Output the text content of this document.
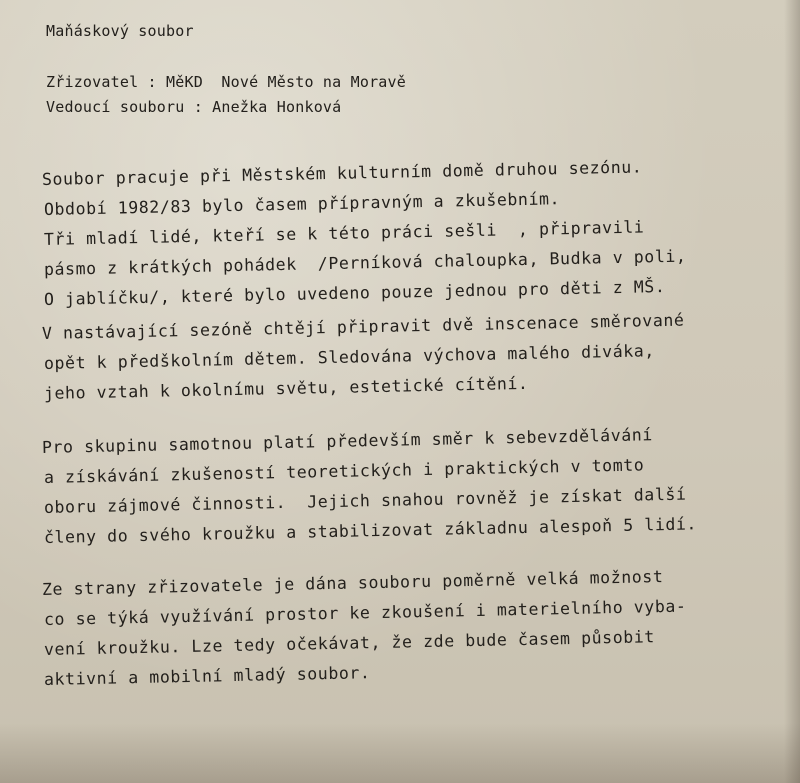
Maňáskový soubor
Zřizovatel : MěKD  Nové Město na Moravě
Vedoucí souboru : Anežka Honková
Soubor pracuje při Městském kulturním domě druhou sezónu.
Období 1982/83 bylo časem přípravným a zkušebním.
Tři mladí lidé, kteří se k této práci sešli  , připravili
pásmo z krátkých pohádek  /Perníková chaloupka, Budka v poli,
O jablíčku/, které bylo uvedeno pouze jednou pro děti z MŠ.
V nastávající sezóně chtějí připravit dvě inscenace směrované
opět k předškolním dětem. Sledována výchova malého diváka,
jeho vztah k okolnímu světu, estetické cítění.
Pro skupinu samotnou platí především směr k sebevzdělávání
a získávání zkušeností teoretických i praktických v tomto
oboru zájmové činnosti.  Jejich snahou rovněž je získat další
členy do svého kroužku a stabilizovat základnu alespoň 5 lidí.
Ze strany zřizovatele je dána souboru poměrně velká možnost
co se týká využívání prostor ke zkoušení i materielního vyba-
vení kroužku. Lze tedy očekávat, že zde bude časem působit
aktivní a mobilní mladý soubor.
